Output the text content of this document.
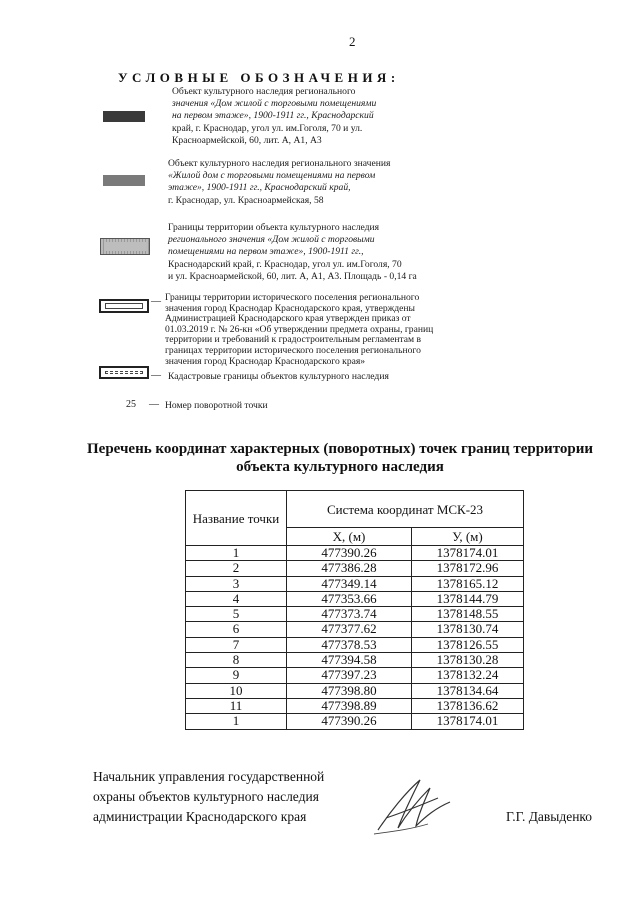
2
УСЛОВНЫЕ ОБОЗНАЧЕНИЯ:
Объект культурного наследия регионального
значения «Дом жилой с торговыми помещениями
на первом этаже», 1900-1911 гг., Краснодарский
край, г. Краснодар, угол ул. им.Гоголя, 70 и ул.
Красноармейской, 60, лит. А, А1, А3
Объект культурного наследия регионального значения
«Жилой дом с торговыми помещениями на первом
этаже», 1900-1911 гг., Краснодарский край,
г. Краснодар, ул. Красноармейская, 58
Границы территории объекта культурного наследия
регионального значения «Дом жилой с торговыми
помещениями на первом этаже», 1900-1911 гг.,
Краснодарский край, г. Краснодар, угол ул. им.Гоголя, 70
и ул. Красноармейской, 60, лит. А, А1, А3. Площадь - 0,14 га
— Границы территории исторического поселения регионального
значения город Краснодар Краснодарского края, утверждены
Администрацией Краснодарского края утвержден приказ от
01.03.2019 г. № 26-кн «Об утверждении предмета охраны, границ
территории и требований к градостроительным регламентам в
границах территории исторического поселения регионального
значения город Краснодар Краснодарского края»
— Кадастровые границы объектов культурного наследия
25 — Номер поворотной точки
Перечень координат характерных (поворотных) точек границ территории
объекта культурного наследия
Название точки	Система координат МСК-23	
	X, (м)	У, (м)
1	477390.26	1378174.01
2	477386.28	1378172.96
3	477349.14	1378165.12
4	477353.66	1378144.79
5	477373.74	1378148.55
6	477377.62	1378130.74
7	477378.53	1378126.55
8	477394.58	1378130.28
9	477397.23	1378132.24
10	477398.80	1378134.64
11	477398.89	1378136.62
1	477390.26	1378174.01
Начальник управления государственной
охраны объектов культурного наследия
администрации Краснодарского края	Г.Г. Давыденко
